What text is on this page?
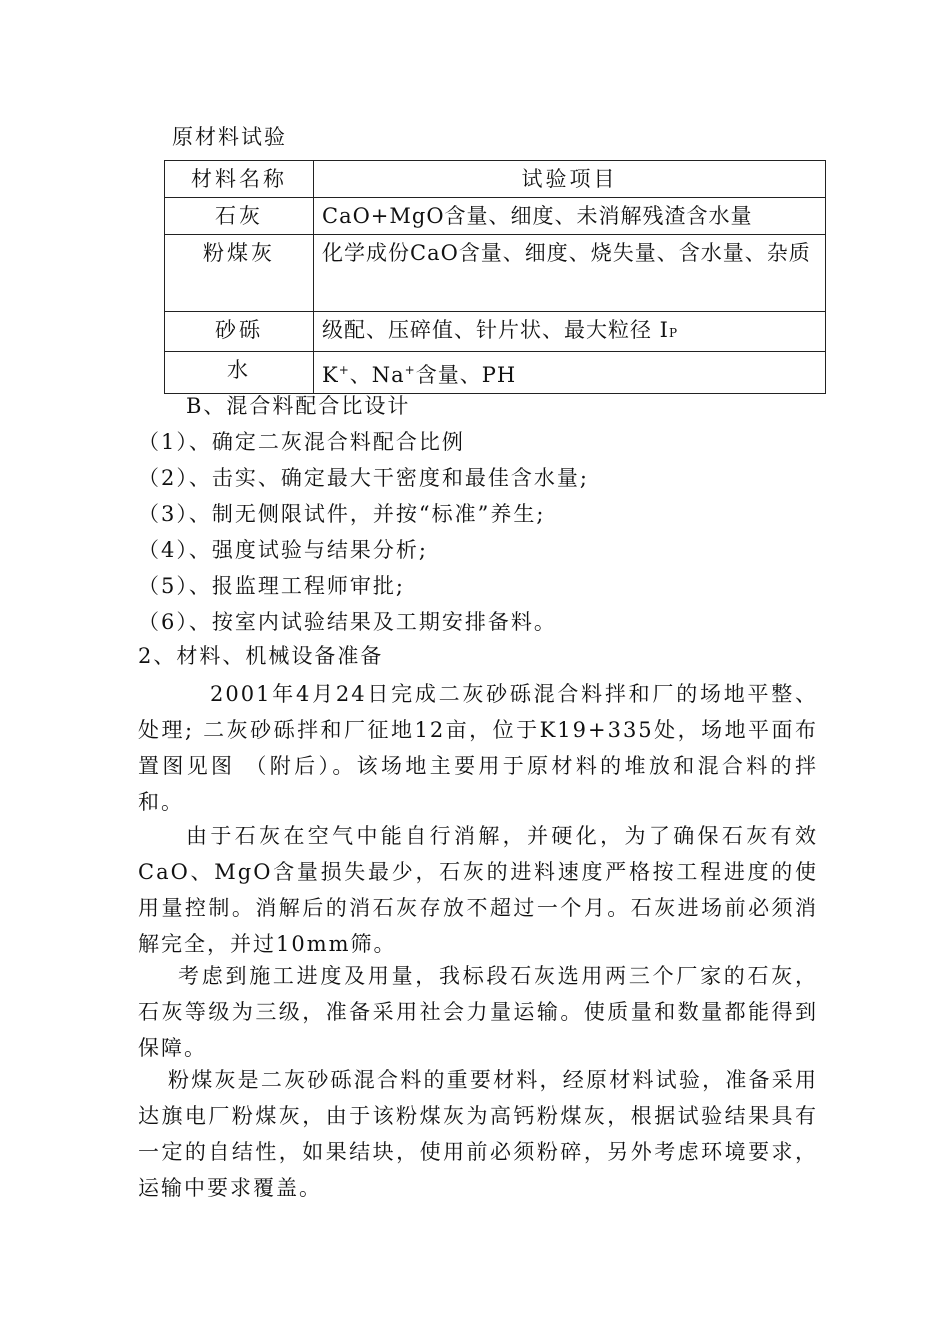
原材料试验
材料名称	试验项目
石灰	CaO+MgO含量、细度、未消解残渣含水量
粉煤灰	化学成份CaO含量、细度、烧失量、含水量、杂质
砂砾	级配、压碎值、针片状、最大粒径 IP
水	K+、Na+含量、PH
B、混合料配合比设计
（1）、确定二灰混合料配合比例
（2）、击实、确定最大干密度和最佳含水量;
（3）、制无侧限试件，并按“标准”养生;
（4）、强度试验与结果分析;
（5）、报监理工程师审批;
（6）、按室内试验结果及工期安排备料。
2、材料、机械设备准备
2001年4月24日完成二灰砂砾混合料拌和厂的场地平整、处理; 二灰砂砾拌和厂征地12亩，位于K19+335处，场地平面布置图见图 （附后）。该场地主要用于原材料的堆放和混合料的拌和。
由于石灰在空气中能自行消解，并硬化，为了确保石灰有效CaO、MgO含量损失最少，石灰的进料速度严格按工程进度的使用量控制。消解后的消石灰存放不超过一个月。石灰进场前必须消解完全，并过10mm筛。
考虑到施工进度及用量，我标段石灰选用两三个厂家的石灰，石灰等级为三级，准备采用社会力量运输。使质量和数量都能得到保障。
粉煤灰是二灰砂砾混合料的重要材料，经原材料试验，准备采用达旗电厂粉煤灰，由于该粉煤灰为高钙粉煤灰，根据试验结果具有一定的自结性，如果结块，使用前必须粉碎，另外考虑环境要求，运输中要求覆盖。
